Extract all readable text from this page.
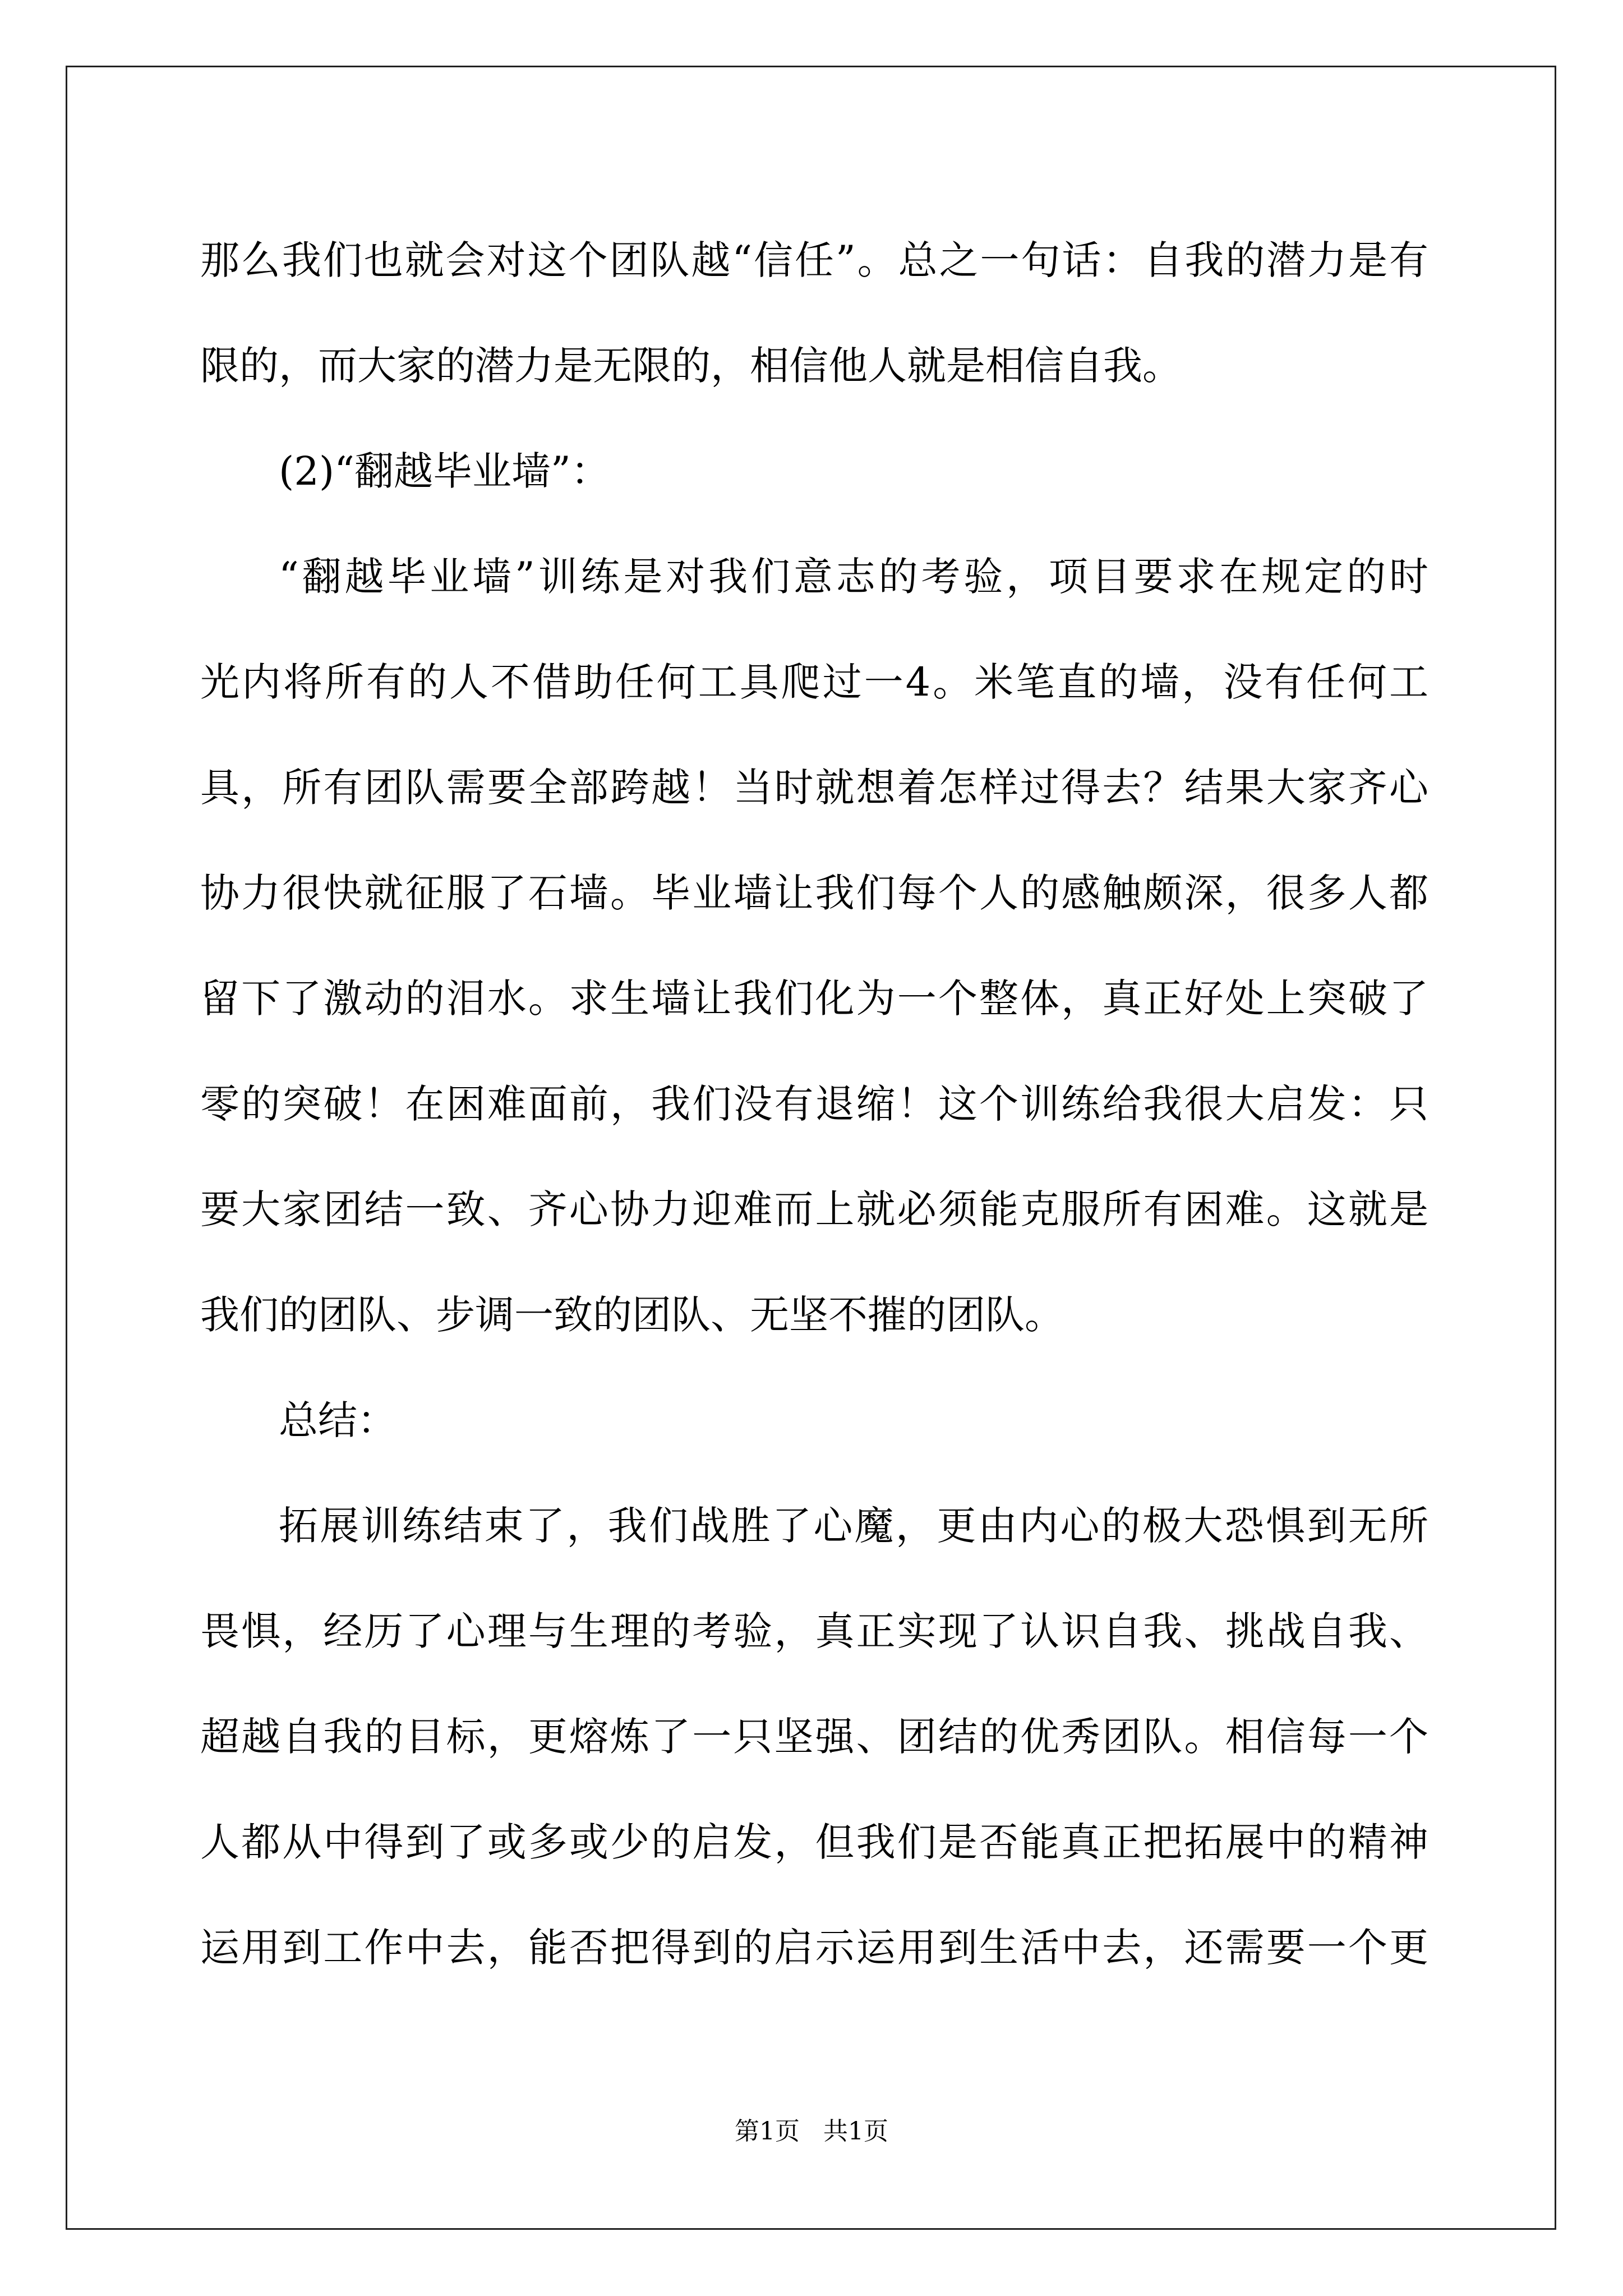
那么我们也就会对这个团队越“信任”。总之一句话：自我的潜力是有
限的，而大家的潜力是无限的，相信他人就是相信自我。
(2)“翻越毕业墙”：
“翻越毕业墙”训练是对我们意志的考验，项目要求在规定的时
光内将所有的人不借助任何工具爬过一4。米笔直的墙，没有任何工
具，所有团队需要全部跨越！当时就想着怎样过得去？结果大家齐心
协力很快就征服了石墙。毕业墙让我们每个人的感触颇深，很多人都
留下了激动的泪水。求生墙让我们化为一个整体，真正好处上突破了
零的突破！在困难面前，我们没有退缩！这个训练给我很大启发：只
要大家团结一致、齐心协力迎难而上就必须能克服所有困难。这就是
我们的团队、步调一致的团队、无坚不摧的团队。
总结：
拓展训练结束了，我们战胜了心魔，更由内心的极大恐惧到无所
畏惧，经历了心理与生理的考验，真正实现了认识自我、挑战自我、
超越自我的目标，更熔炼了一只坚强、团结的优秀团队。相信每一个
人都从中得到了或多或少的启发，但我们是否能真正把拓展中的精神
运用到工作中去，能否把得到的启示运用到生活中去，还需要一个更
第1页   共1页
